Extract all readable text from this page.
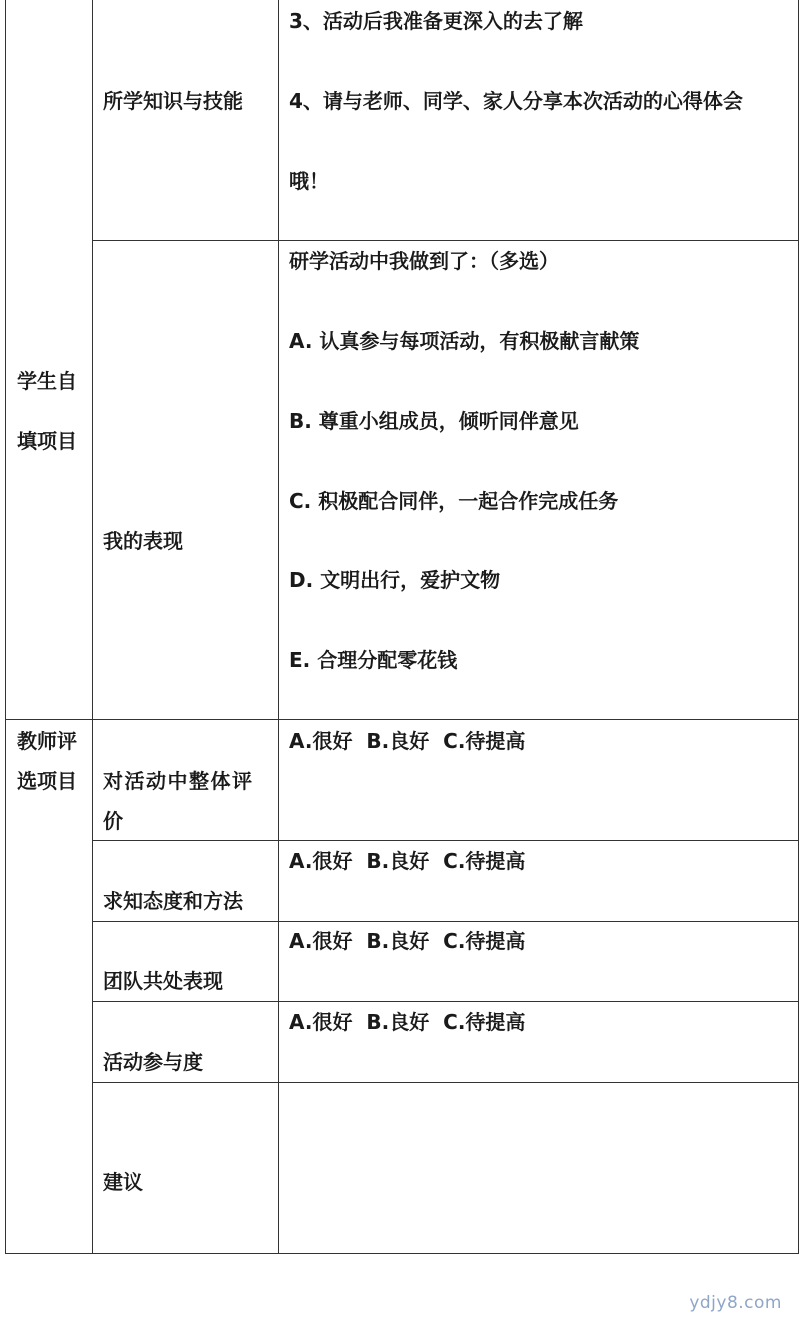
学生自
填项目
所学知识与技能
3、活动后我准备更深入的去了解
4、请与老师、同学、家人分享本次活动的心得体会
哦！
我的表现
研学活动中我做到了：（多选）
A. 认真参与每项活动，有积极献言献策
B. 尊重小组成员，倾听同伴意见
C. 积极配合同伴，一起合作完成任务
D. 文明出行，爱护文物
E. 合理分配零花钱
教师评
选项目 对活动中整体评
价
A.很好  B.良好  C.待提高
求知态度和方法
A.很好  B.良好  C.待提高
团队共处表现
A.很好  B.良好  C.待提高
活动参与度
A.很好  B.良好  C.待提高
建议
ydjy8.com
